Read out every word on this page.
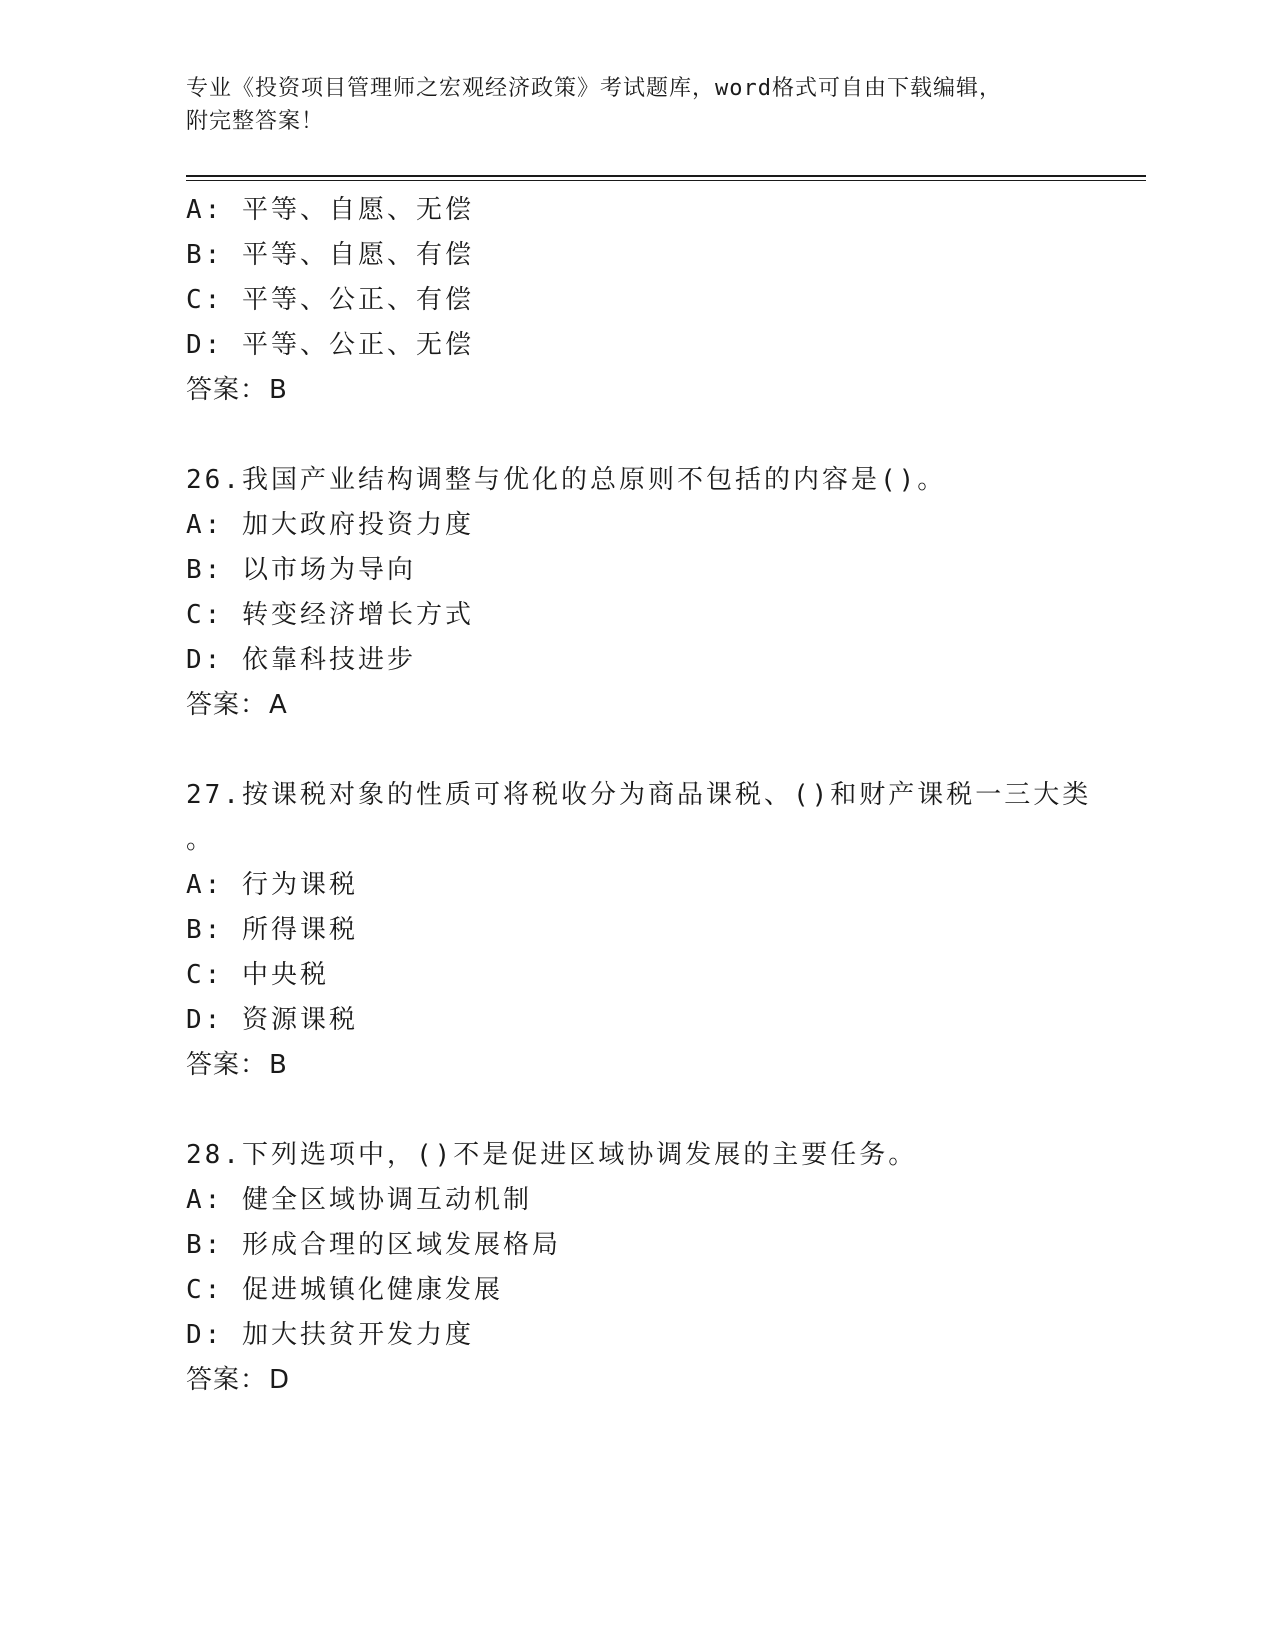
专业《投资项目管理师之宏观经济政策》考试题库，word格式可自由下载编辑，
附完整答案！
A: 平等、自愿、无偿
B: 平等、自愿、有偿
C: 平等、公正、有偿
D: 平等、公正、无偿
答案：B
26.我国产业结构调整与优化的总原则不包括的内容是()。
A: 加大政府投资力度
B: 以市场为导向
C: 转变经济增长方式
D: 依靠科技进步
答案：A
27.按课税对象的性质可将税收分为商品课税、()和财产课税一三大类
。
A: 行为课税
B: 所得课税
C: 中央税
D: 资源课税
答案：B
28.下列选项中，()不是促进区域协调发展的主要任务。
A: 健全区域协调互动机制
B: 形成合理的区域发展格局
C: 促进城镇化健康发展
D: 加大扶贫开发力度
答案：D
